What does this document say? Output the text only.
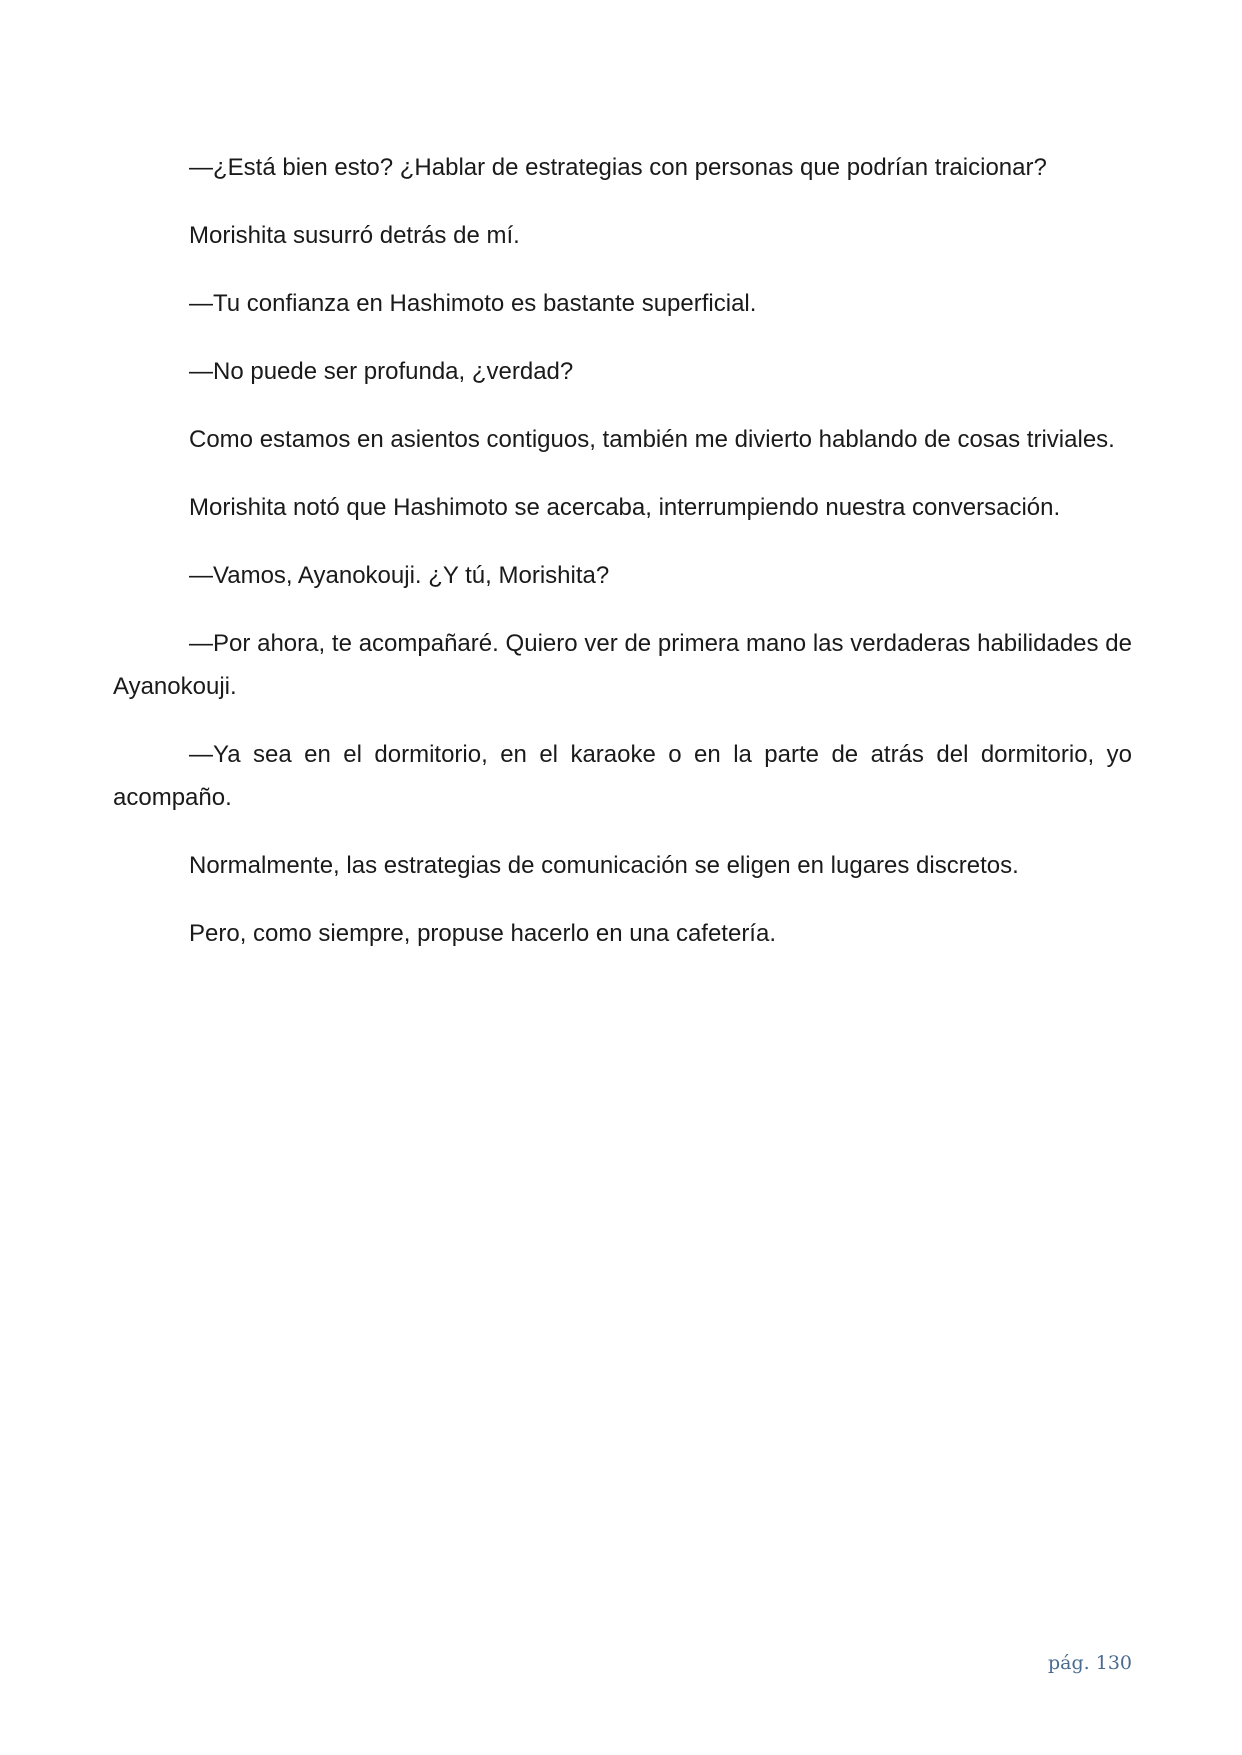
—¿Está bien esto? ¿Hablar de estrategias con personas que podrían traicionar?

Morishita susurró detrás de mí.

—Tu confianza en Hashimoto es bastante superficial.

—No puede ser profunda, ¿verdad?

Como estamos en asientos contiguos, también me divierto hablando de cosas triviales.

Morishita notó que Hashimoto se acercaba, interrumpiendo nuestra conversación.

—Vamos, Ayanokouji. ¿Y tú, Morishita?

—Por ahora, te acompañaré. Quiero ver de primera mano las verdaderas habilidades de Ayanokouji.

—Ya sea en el dormitorio, en el karaoke o en la parte de atrás del dormitorio, yo acompaño.

Normalmente, las estrategias de comunicación se eligen en lugares discretos.

Pero, como siempre, propuse hacerlo en una cafetería.

pág. 130
